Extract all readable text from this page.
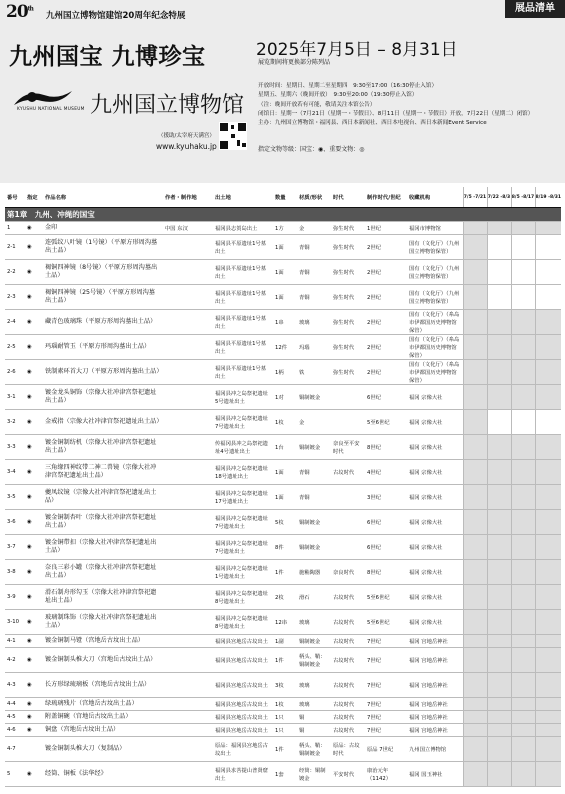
20th
九州国立博物馆建馆20周年纪念特展
展品清单
九州国宝 九博珍宝	2025年7月5日 – 8月31日
展览期间将更换部分陈列品
KYUSHU NATIONAL MUSEUM 九州国立博物馆
开放时间：星期日、星期二至星期四　9:30至17:00（16:30停止入馆）
星期五、星期六（晚间开放）　9:30至20:00（19:30停止入馆）
（注：晚间开放若有可能，敬请关注本馆公告）
闭馆日：星期一（7月21日（星期一・节假日）、8月11日（星期一・节假日）开放，7月22日（星期二）闭馆）
主办：九州国立博物馆・福冈县、西日本新闻社、西日本电视台、西日本新闻Event Service
（援助/太宰府天满宫）
www.kyuhaku.jp	指定文物等级：国宝：◉、重要文物：◎
番号	指定	作品名称	作者・制作地	出土地	数量	材质/形状	时代	制作时代/世纪	收藏机构	7/5 -7/21	7/22 -8/3	8/5 -8/17	8/19 -8/31
第1章　九州、冲绳的国宝													
1	◉	金印	中国 东汉	福冈县志贺岛出土	1方	金	弥生时代	1世纪	福冈市博物馆				
2-1	◉	连弧纹八叶镜（1号镜）（平原方形周沟墓出土品）		福冈县平原遗址1号墓出土	1面	青铜	弥生时代	2世纪	国有（文化厅）（九州国立博物馆保管）				
2-2	◉	褐铜四神镜（8号镜）（平原方形周沟墓出土品）		福冈县平原遗址1号墓出土	1面	青铜	弥生时代	2世纪	国有（文化厅）（九州国立博物馆保管）				
2-3	◉	褐铜四神镜（25号镜）（平原方形周沟墓出土品）		福冈县平原遗址1号墓出土	1面	青铜	弥生时代	2世纪	国有（文化厅）（九州国立博物馆保管）				
2-4	◉	藏青色玻璃珠（平原方形周沟墓出土品）		福冈县平原遗址1号墓出土	1串	玻璃	弥生时代	2世纪	国有（文化厅）（糸岛市伊都国历史博物馆保管）				
2-5	◉	玛瑙耐管玉（平原方形周沟墓出土品）		福冈县平原遗址1号墓出土	12件	玛瑙	弥生时代	2世纪	国有（文化厅）（糸岛市伊都国历史博物馆保管）				
2-6	◉	铁制素环首大刀（平原方形周沟墓出土品）		福冈县平原遗址1号墓出土	1柄	铁	弥生时代	2世纪	国有（文化厅）（糸岛市伊都国历史博物馆保管）				
3-1	◉	镀金龙头铜饰（宗像大社冲津宫祭祀遗址出土品）		福冈县冲之岛祭祀遗址5号遗址出土	1对	铜制镀金		6世纪	福冈 宗像大社				
3-2	◉	金戒指（宗像大社冲津宫祭祀遗址出土品）		福冈县冲之岛祭祀遗址7号遗址出土	1枚	金		5至6世纪	福冈 宗像大社				
3-3	◉	镀金铜制纺机（宗像大社冲津宫祭祀遗址出土品）		传福冈县冲之岛祭祀遗址4号遗址出土	1台	铜制镀金	奈良至平安时代	8世纪	福冈 宗像大社				
3-4	◉	三角缘四神纹带二神二兽镜（宗像大社冲津宫祭祀遗址出土品）		福冈县冲之岛祭祀遗址18号遗址出土	1面	青铜	古坟时代	4世纪	福冈 宗像大社				
3-5	◉	夔凤纹镜（宗像大社冲津宫祭祀遗址出土品）		福冈县冲之岛祭祀遗址17号遗址出土	1面	青铜		3世纪	福冈 宗像大社				
3-6	◉	镀金铜制杏叶（宗像大社冲津宫祭祀遗址出土品）		福冈县冲之岛祭祀遗址7号遗址出土	5枚	铜制镀金		6世纪	福冈 宗像大社				
3-7	◉	镀金铜带扣（宗像大社冲津宫祭祀遗址出土品）		福冈县冲之岛祭祀遗址7号遗址出土	8件	铜制镀金		6世纪	福冈 宗像大社				
3-8	◉	奈良三彩小罐（宗像大社冲津宫祭祀遗址出土品）		福冈县冲之岛祭祀遗址1号遗址出土	1件	施釉陶器	奈良时代	8世纪	福冈 宗像大社				
3-9	◉	滑石制舟形勾玉（宗像大社冲津宫祭祀遗址出土品）		福冈县冲之岛祭祀遗址8号遗址出土	2枚	滑石	古坟时代	5至6世纪	福冈 宗像大社				
3-10	◉	玻璃制珠饰（宗像大社冲津宫祭祀遗址出土品）		福冈县冲之岛祭祀遗址8号遗址出土	12串	玻璃	古坟时代	5至6世纪	福冈 宗像大社				
4-1	◉	镀金铜制马镫（宫地岳古坟出土品）		福冈县宫地岳古坟出土	1副	铜制镀金	古坟时代	7世纪	福冈 宫地岳神社				
4-2	◉	镀金铜制头椎大刀（宫地岳古坟出土品）		福冈县宫地岳古坟出土	1件	柄头、鞘：铜制镀金	古坟时代	7世纪	福冈 宫地岳神社				
4-3	◉	长方形绿琉璃板（宫地岳古坟出土品）		福冈县宫地岳古坟出土	3枚	玻璃	古坟时代	7世纪	福冈 宫地岳神社				
4-4	◉	绿琉璃残片（宫地岳古坟出土品）		福冈县宫地岳古坟出土	1枚	玻璃	古坟时代	7世纪	福冈 宫地岳神社				
4-5	◉	附盖铜碗（宫地岳古坟出土品）		福冈县宫地岳古坟出土	1只	铜	古坟时代	7世纪	福冈 宫地岳神社				
4-6	◉	铜盘（宫地岳古坟出土品）		福冈县宫地岳古坟出土	1只	铜	古坟时代	7世纪	福冈 宫地岳神社				
4-7		镀金铜制头椎大刀（复制品）		原品：福冈县宫地岳古坟出土	1件	柄头、鞘：铜制镀金	原品：古坟时代	原品 7世纪	九州国立博物馆				
5	◉	经筒、铜板《法华经》		福冈县求菩提山普贤窟出土	1套	经筒：铜制镀金	平安时代	康治元年（1142）	福冈 国玉神社				
